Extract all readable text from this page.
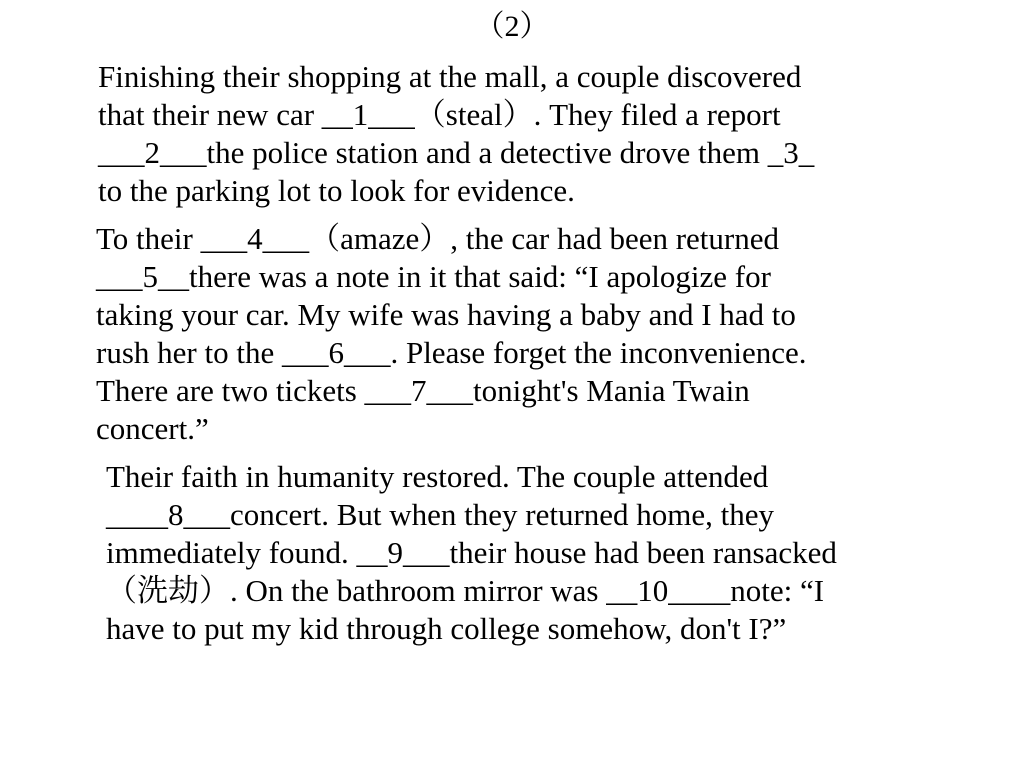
（2）

Finishing their shopping at the mall, a couple discovered
that their new car __1___（steal）. They filed a report
___2___the police station and a detective drove them _3_
to the parking lot to look for evidence.

To their ___4___（amaze）, the car had been returned
___5__there was a note in it that said: “I apologize for
taking your car. My wife was having a baby and I had to
rush her to the ___6___. Please forget the inconvenience.
There are two tickets ___7___tonight's Mania Twain
concert.”

Their faith in humanity restored. The couple attended
____8___concert. But when they returned home, they
immediately found. __9___their house had been ransacked
（洗劫）. On the bathroom mirror was __10____note: “I
have to put my kid through college somehow, don't I?”
